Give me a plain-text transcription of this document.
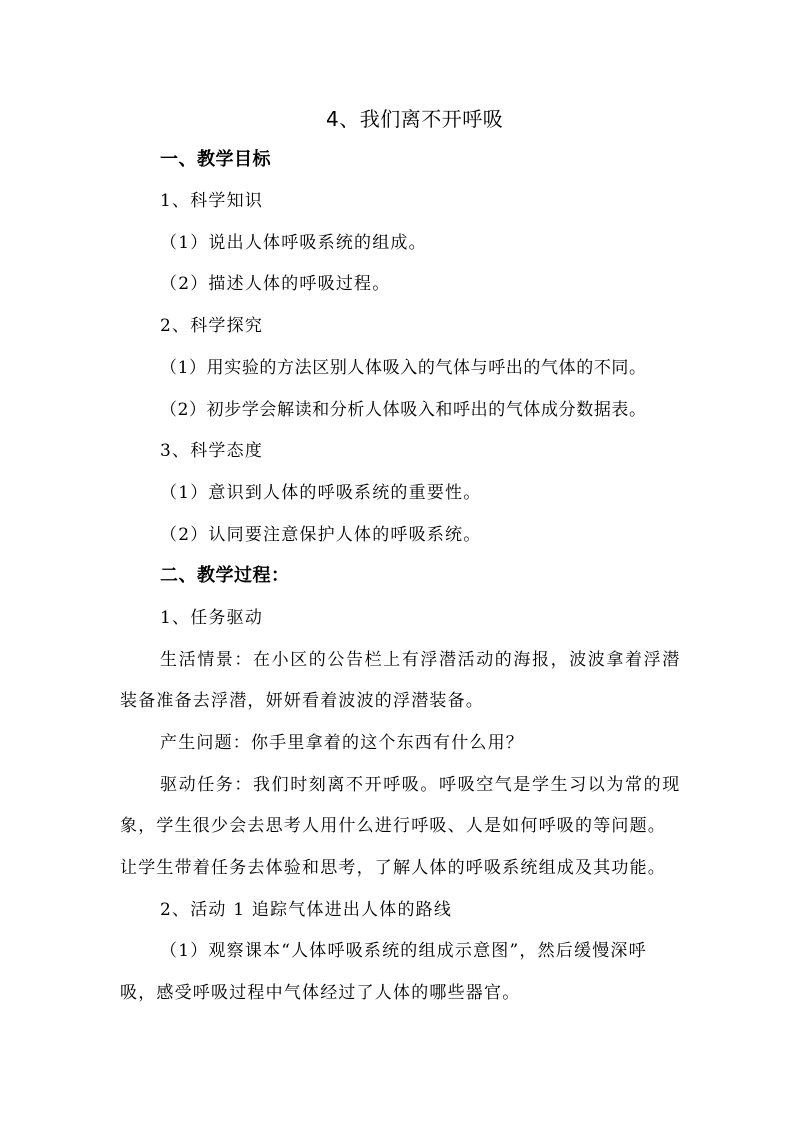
4、我们离不开呼吸
一、教学目标
1、科学知识
（1）说出人体呼吸系统的组成。
（2）描述人体的呼吸过程。
2、科学探究
（1）用实验的方法区别人体吸入的气体与呼出的气体的不同。
（2）初步学会解读和分析人体吸入和呼出的气体成分数据表。
3、科学态度
（1）意识到人体的呼吸系统的重要性。
（2）认同要注意保护人体的呼吸系统。
二、教学过程：
1、任务驱动
生活情景：在小区的公告栏上有浮潜活动的海报，波波拿着浮潜
装备准备去浮潜，妍妍看着波波的浮潜装备。
产生问题：你手里拿着的这个东西有什么用？
驱动任务：我们时刻离不开呼吸。呼吸空气是学生习以为常的现
象，学生很少会去思考人用什么进行呼吸、人是如何呼吸的等问题。
让学生带着任务去体验和思考，了解人体的呼吸系统组成及其功能。
2、活动 1 追踪气体进出人体的路线
（1）观察课本“人体呼吸系统的组成示意图”，然后缓慢深呼
吸，感受呼吸过程中气体经过了人体的哪些器官。
